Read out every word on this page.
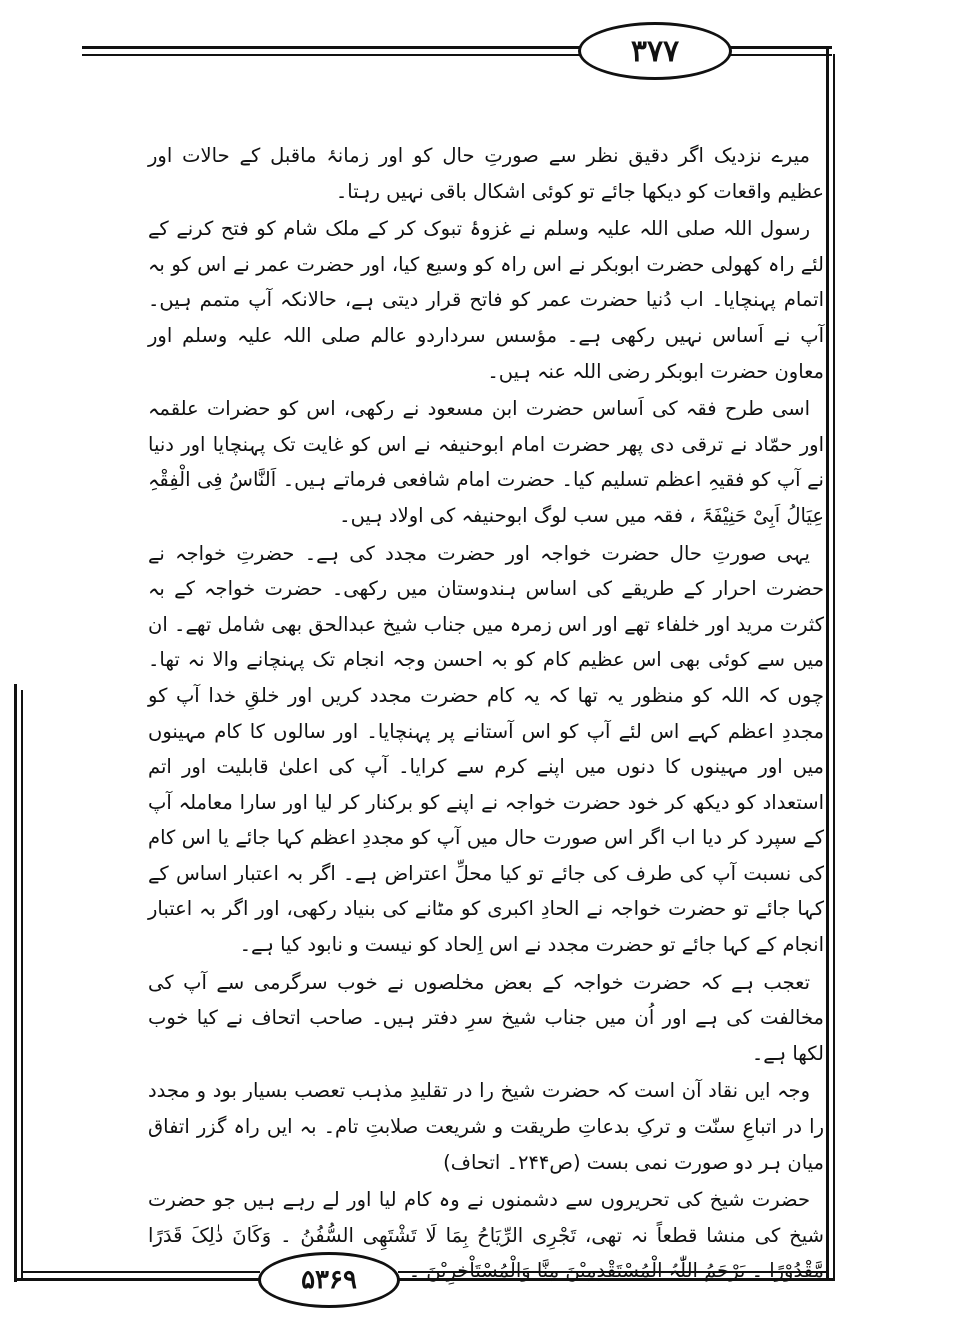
۳۷۷

میرے نزدیک اگر دقیق نظر سے صورتِ حال کو اور زمانۂ ماقبل کے حالات اور عظیم واقعات کو دیکھا جائے تو کوئی اشکال باقی نہیں رہتا۔

رسول اللہ صلی اللہ علیہ وسلم نے غزوۂ تبوک کر کے ملک شام کو فتح کرنے کے لئے راہ کھولی حضرت ابوبکر نے اس راہ کو وسیع کیا، اور حضرت عمر نے اس کو بہ اتمام پہنچایا۔ اب دُنیا حضرت عمر کو فاتح قرار دیتی ہے، حالانکہ آپ متمم ہیں۔ آپ نے اَساس نہیں رکھی ہے۔ مؤسس سرداردو عالم صلی اللہ علیہ وسلم اور معاون حضرت ابوبکر رضی اللہ عنہ ہیں۔

اسی طرح فقہ کی اَساس حضرت ابن مسعود نے رکھی، اس کو حضرات علقمہ اور حمّاد نے ترقی دی پھر حضرت امام ابوحنیفہ نے اس کو غایت تک پہنچایا اور دنیا نے آپ کو فقیہِ اعظم تسلیم کیا۔ حضرت امام شافعی فرماتے ہیں۔ اَلنَّاسُ فِی الْفِقْہِ عِیَالُ اَبِیْ حَنِیْفَۃَ ، فقہ میں سب لوگ ابوحنیفہ کی اولاد ہیں۔

یہی صورتِ حال حضرت خواجہ اور حضرت مجدد کی ہے۔ حضرتِ خواجہ نے حضرت احرار کے طریقے کی اساس ہندوستان میں رکھی۔ حضرت خواجہ کے بہ کثرت مرید اور خلفاء تھے اور اس زمرہ میں جناب شیخ عبدالحق بھی شامل تھے۔ ان میں سے کوئی بھی اس عظیم کام کو بہ احسن وجہ انجام تک پہنچانے والا نہ تھا۔ چوں کہ اللہ کو منظور یہ تھا کہ یہ کام حضرت مجدد کریں اور خلقِ خدا آپ کو مجددِ اعظم کہے اس لئے آپ کو اس آستانے پر پہنچایا۔ اور سالوں کا کام مہینوں میں اور مہینوں کا دنوں میں اپنے کرم سے کرایا۔ آپ کی اعلیٰ قابلیت اور اتم استعداد کو دیکھ کر خود حضرت خواجہ نے اپنے کو برکنار کر لیا اور سارا معاملہ آپ کے سپرد کر دیا اب اگر اس صورت حال میں آپ کو مجددِ اعظم کہا جائے یا اس کام کی نسبت آپ کی طرف کی جائے تو کیا محلِّ اعتراض ہے۔ اگر بہ اعتبار اساس کے کہا جائے تو حضرت خواجہ نے الحادِ اکبری کو مٹانے کی بنیاد رکھی، اور اگر بہ اعتبار انجام کے کہا جائے تو حضرت مجدد نے اس اِلحاد کو نیست و نابود کیا ہے۔

تعجب ہے کہ حضرت خواجہ کے بعض مخلصوں نے خوب سرگرمی سے آپ کی مخالفت کی ہے اور اُن میں جناب شیخ سرِ دفتر ہیں۔ صاحب اتحاف نے کیا خوب لکھا ہے۔

وجہ ایں نقاد آن است کہ حضرت شیخ را در تقلیدِ مذہب تعصب بسیار بود و مجدد را در اتباعِ سنّت و ترکِ بدعاتِ طریقت و شریعت صلابتِ تام۔ بہ ایں راہ گزر اتفاق میان ہر دو صورت نمی بست (ص۲۴۴۔ اتحاف)

حضرت شیخ کی تحریروں سے دشمنوں نے وہ کام لیا اور لے رہے ہیں جو حضرت شیخ کی منشا قطعاً نہ تھی، تَجْرِی الرِّیَاحُ بِمَا لَا تَشْتَھِی السُّفُنُ ۔ وَکَانَ ذٰلِکَ قَدَرًا مَّقْدُوْرًا ۔ یَرْحَمُ اللّٰہُ الْمُسْتَقْدِمِیْنَ مِنَّا وَالْمُسْتَاْخِرِیْنَ ۔

۵۳۶۹
